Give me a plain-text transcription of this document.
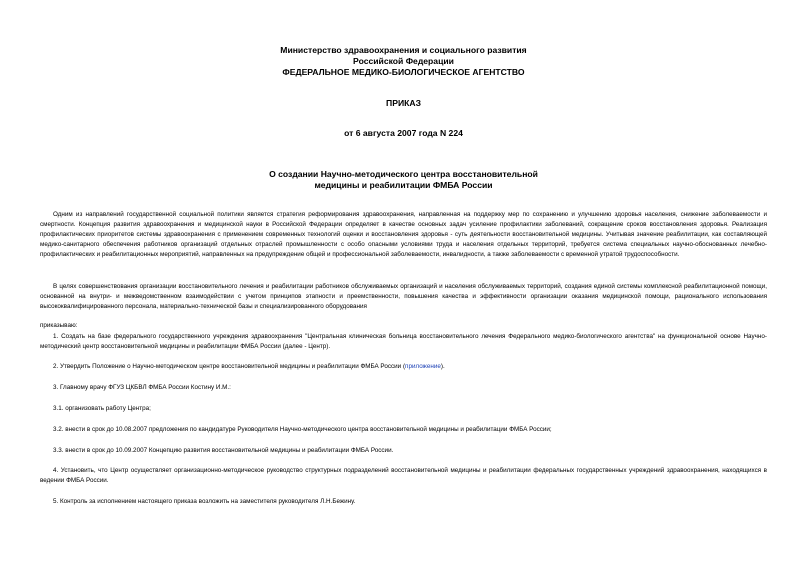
Министерство здравоохранения и социального развития
Российской Федерации
ФЕДЕРАЛЬНОЕ МЕДИКО-БИОЛОГИЧЕСКОЕ АГЕНТСТВО
ПРИКАЗ
от 6 августа 2007 года N 224
О создании Научно-методического центра восстановительной
медицины и реабилитации ФМБА России

Одним из направлений государственной социальной политики является стратегия реформирования здравоохранения, направленная на поддержку мер по сохранению и улучшению здоровья населения, снижение заболеваемости и смертности. Концепция развития здравоохранения и медицинской науки в Российской Федерации определяет в качестве основных задач усиление профилактики заболеваний, сокращение сроков восстановления здоровья. Реализация профилактических приоритетов системы здравоохранения с применением современных технологий оценки и восстановления здоровья - суть деятельности восстановительной медицины. Учитывая значение реабилитации, как составляющей медико-санитарного обеспечения работников организаций отдельных отраслей промышленности с особо опасными условиями труда и населения отдельных территорий, требуется система специальных научно-обоснованных лечебно-профилактических и реабилитационных мероприятий, направленных на предупреждение общей и профессиональной заболеваемости, инвалидности, а также заболеваемости с временной утратой трудоспособности.

В целях совершенствования организации восстановительного лечения и реабилитации работников обслуживаемых организаций и населения обслуживаемых территорий, создания единой системы комплексной реабилитационной помощи, основанной на внутри- и межведомственном взаимодействии с учетом принципов этапности и преемственности, повышения качества и эффективности организации оказания медицинской помощи, рационального использования высококвалифицированного персонала, материально-технической базы и специализированного оборудования

приказываю:

1. Создать на базе федерального государственного учреждения здравоохранения "Центральная клиническая больница восстановительного лечения Федерального медико-биологического агентства" на функциональной основе Научно-методический центр восстановительной медицины и реабилитации ФМБА России (далее - Центр).

2. Утвердить Положение о Научно-методическом центре восстановительной медицины и реабилитации ФМБА России (приложение).

3. Главному врачу ФГУЗ ЦКБВЛ ФМБА России Костину И.М.:

3.1. организовать работу Центра;

3.2. внести в срок до 10.08.2007 предложения по кандидатуре Руководителя Научно-методического центра восстановительной медицины и реабилитации ФМБА России;

3.3. внести в срок до 10.09.2007 Концепцию развития восстановительной медицины и реабилитации ФМБА России.

4. Установить, что Центр осуществляет организационно-методическое руководство структурных подразделений восстановительной медицины и реабилитации федеральных государственных учреждений здравоохранения, находящихся в ведении ФМБА России.

5. Контроль за исполнением настоящего приказа возложить на заместителя руководителя Л.Н.Бежину.
